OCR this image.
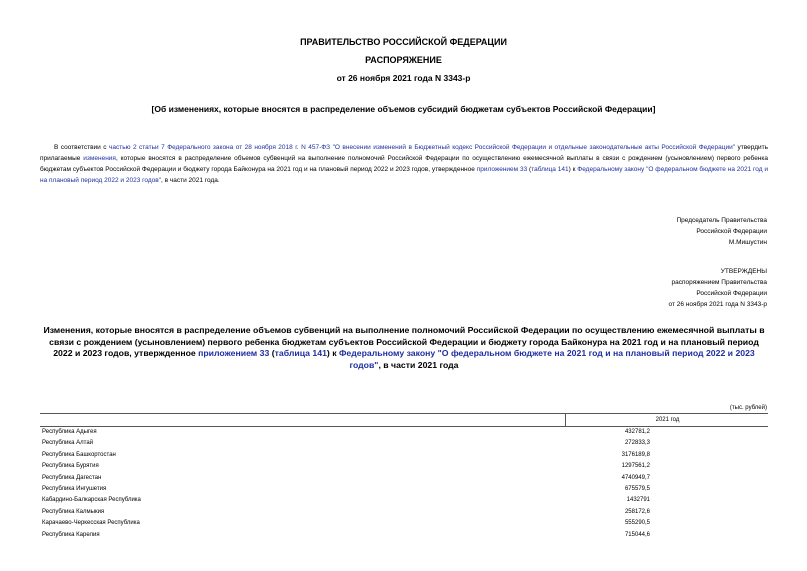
ПРАВИТЕЛЬСТВО РОССИЙСКОЙ ФЕДЕРАЦИИ
РАСПОРЯЖЕНИЕ
от 26 ноября 2021 года N 3343-р
[Об изменениях, которые вносятся в распределение объемов субсидий бюджетам субъектов Российской Федерации]
В соответствии с частью 2 статьи 7 Федерального закона от 28 ноября 2018 г. N 457-ФЗ "О внесении изменений в Бюджетный кодекс Российской Федерации и отдельные законодательные акты Российской Федерации" утвердить прилагаемые изменения, которые вносятся в распределение объемов субвенций на выполнение полномочий Российской Федерации по осуществлению ежемесячной выплаты в связи с рождением (усыновлением) первого ребенка бюджетам субъектов Российской Федерации и бюджету города Байконура на 2021 год и на плановый период 2022 и 2023 годов, утвержденное приложением 33 (таблица 141) к Федеральному закону "О федеральном бюджете на 2021 год и на плановый период 2022 и 2023 годов", в части 2021 года.
Председатель Правительства
Российской Федерации
М.Мишустин
УТВЕРЖДЕНЫ
распоряжением Правительства
Российской Федерации
от 26 ноября 2021 года N 3343-р
Изменения, которые вносятся в распределение объемов субвенций на выполнение полномочий Российской Федерации по осуществлению ежемесячной выплаты в связи с рождением (усыновлением) первого ребенка бюджетам субъектов Российской Федерации и бюджету города Байконура на 2021 год и на плановый период 2022 и 2023 годов, утвержденное приложением 33 (таблица 141) к Федеральному закону "О федеральном бюджете на 2021 год и на плановый период 2022 и 2023 годов", в части 2021 года
(тыс. рублей)
2021 год
Республика Адыгея	432781,2
Республика Алтай	272833,3
Республика Башкортостан	3176189,8
Республика Бурятия	1297561,2
Республика Дагестан	4740949,7
Республика Ингушетия	675579,5
Кабардино-Балкарская Республика	1432791
Республика Калмыкия	258172,6
Карачаево-Черкесская Республика	555290,5
Республика Карелия	715044,6
